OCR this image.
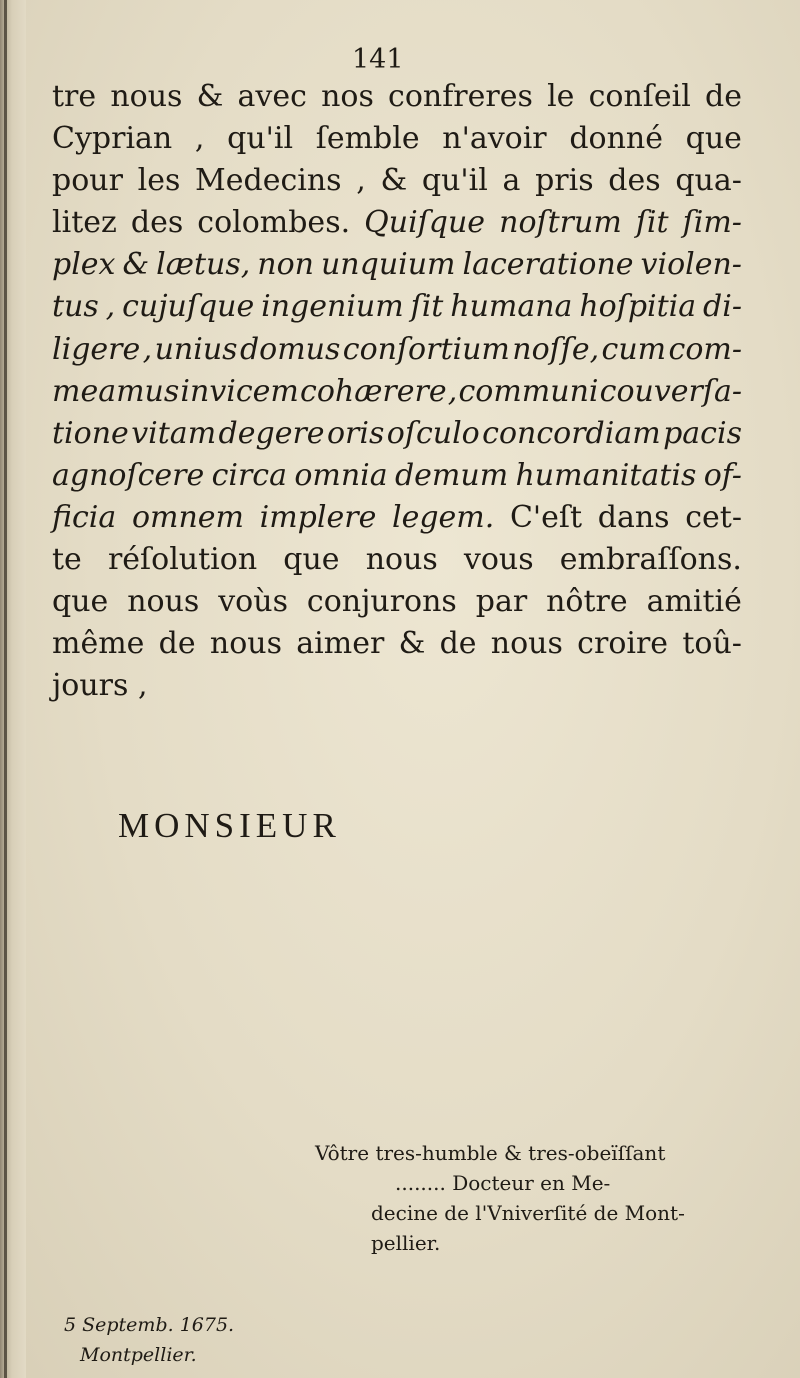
141
tre nous & avec nos confreres le conſeil de
Cyprian , qu'il ſemble n'avoir donné que
pour les Medecins , & qu'il a pris des qua-
litez des colombes. Quiſque noſtrum ſit ſim-
plex & lætus, non unquium laceratione violen-
tus , cujuſque ingenium ſit humana hoſpitia di-
ligere , unius domus conſortium noſſe, cum com-
meamus invicem cohærere , communi couverſa-
tione vitam degere oris oſculo concordiam pacis
agnoſcere circa omnia demum humanitatis of-
ficia omnem implere legem. C'eſt dans cet-
te réſolution que nous vous embraſſons.
que nous voùs conjurons par nôtre amitié
même de nous aimer & de nous croire toû-
jours ,
MONSIEUR
Vôtre tres-humble & tres-obeïſſant
........ Docteur en Me-
decine de l'Vniverſité de Mont-
pellier.
5 Septemb. 1675.
Montpellier.
